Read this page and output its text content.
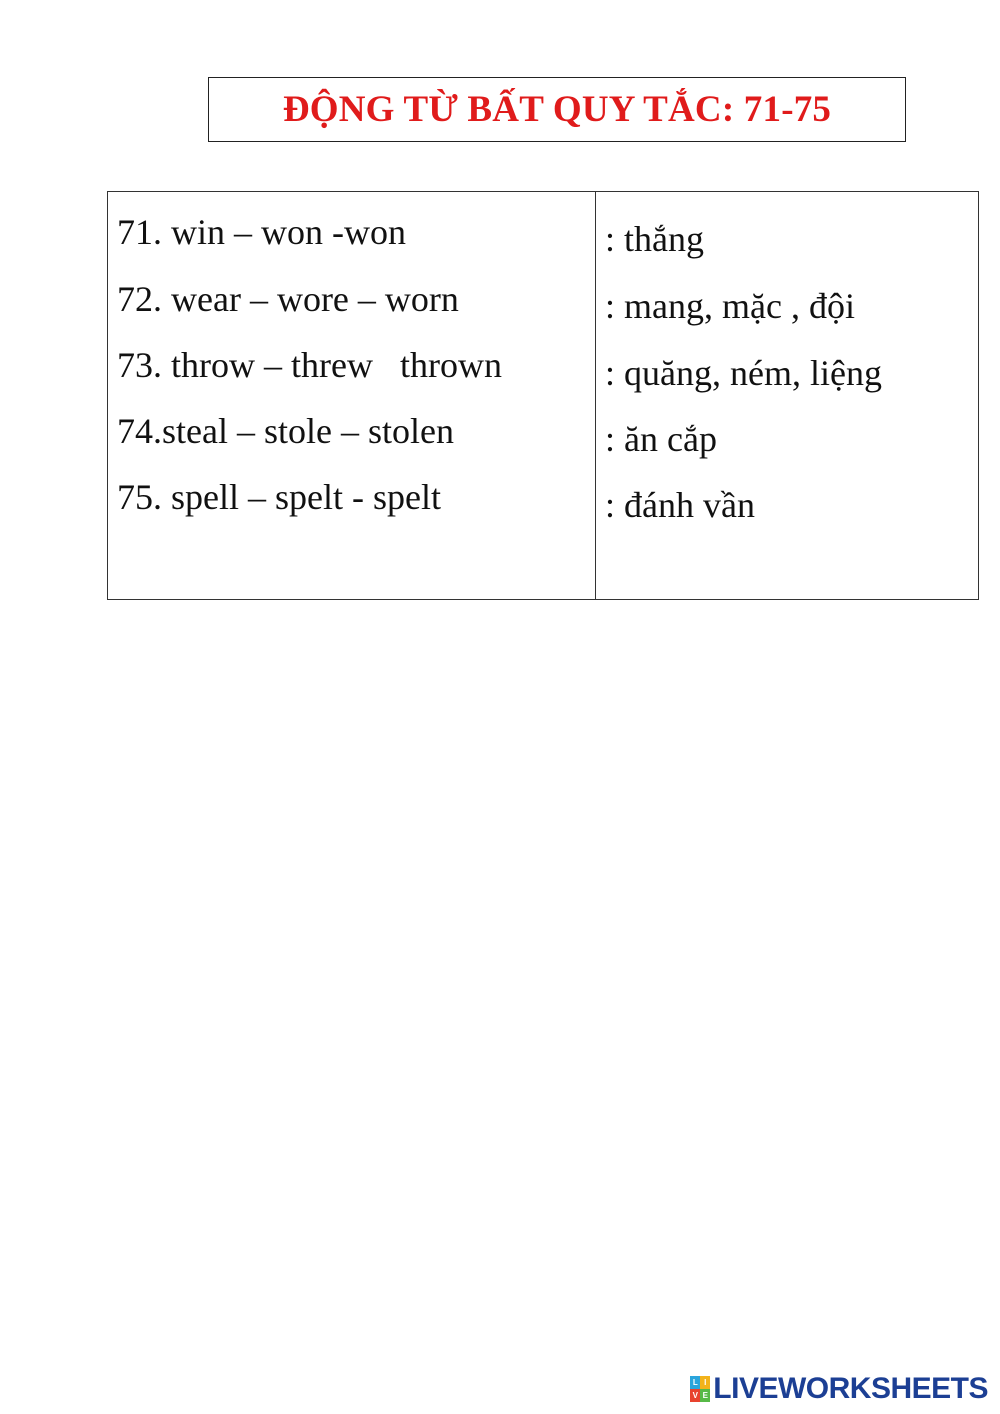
ĐỘNG TỪ BẤT QUY TẮC: 71-75
71. win – won -won
72. wear – wore – worn
73. throw – threw   thrown
74.steal – stole – stolen
75. spell – spelt - spelt
: thắng
: mang, mặc , đội
: quăng, ném, liệng
: ăn cắp
: đánh vần
L I
V E LIVEWORKSHEETS
